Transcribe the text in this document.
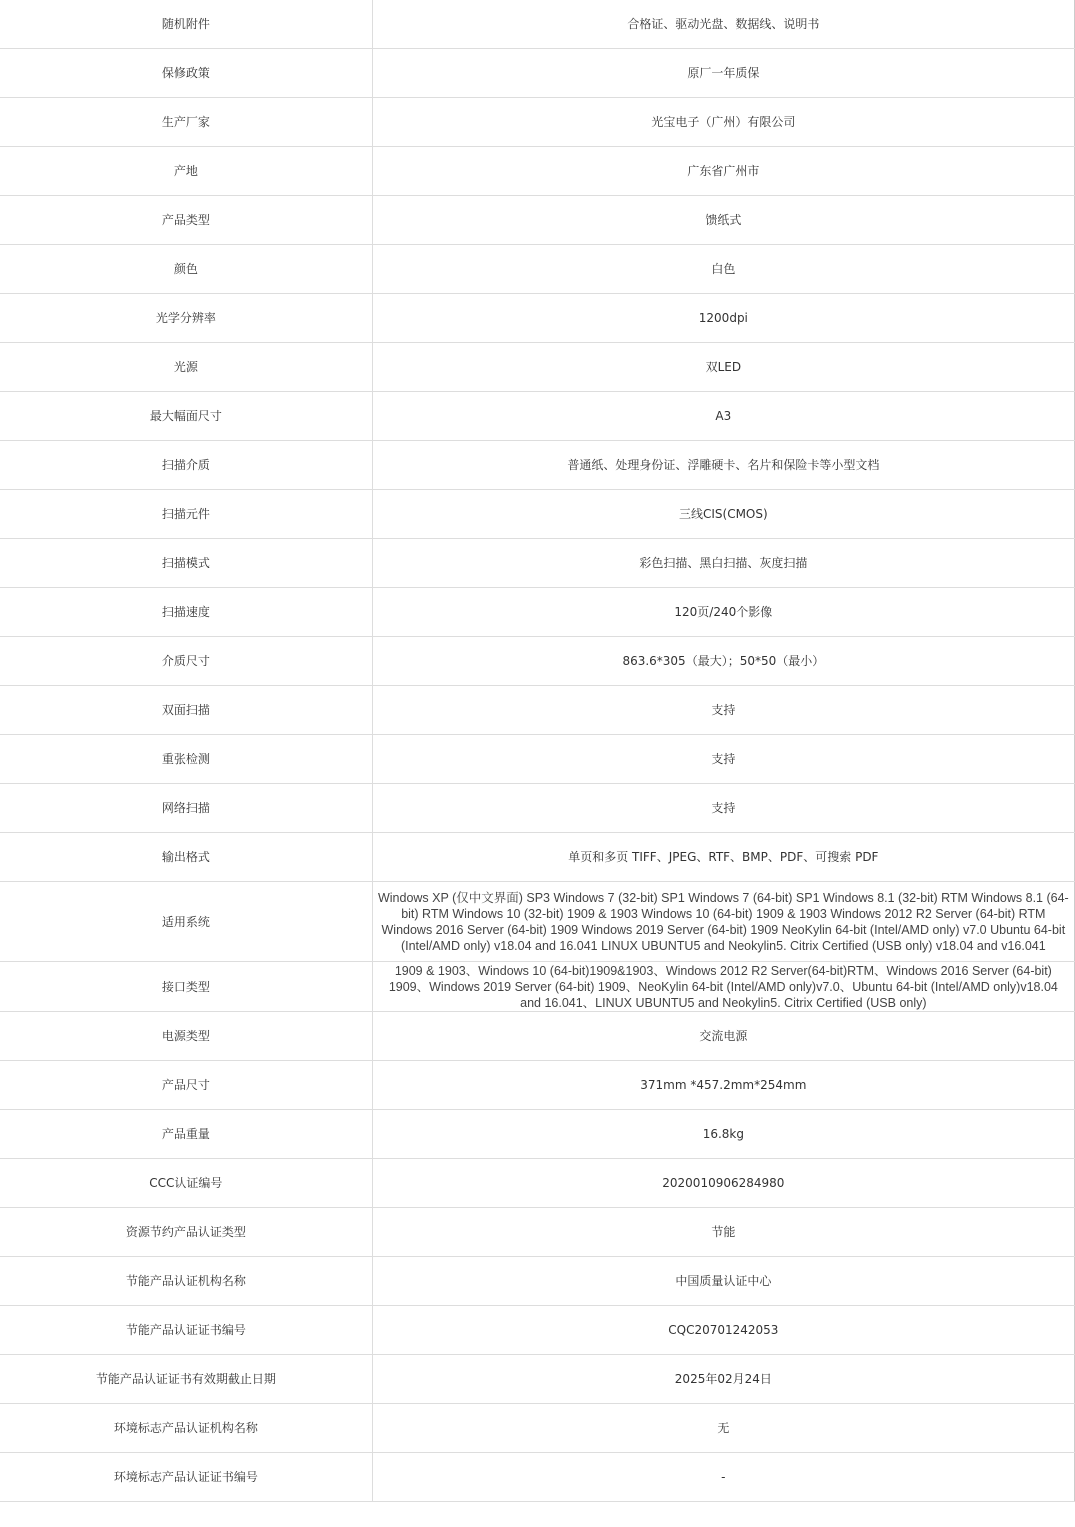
随机附件	合格证、驱动光盘、数据线、说明书
保修政策	原厂一年质保
生产厂家	光宝电子（广州）有限公司
产地	广东省广州市
产品类型	馈纸式
颜色	白色
光学分辨率	1200dpi
光源	双LED
最大幅面尺寸	A3
扫描介质	普通纸、处理身份证、浮雕硬卡、名片和保险卡等小型文档
扫描元件	三线CIS(CMOS)
扫描模式	彩色扫描、黑白扫描、灰度扫描
扫描速度	120页/240个影像
介质尺寸	863.6*305（最大）；50*50（最小）
双面扫描	支持
重张检测	支持
网络扫描	支持
输出格式	单页和多页 TIFF、JPEG、RTF、BMP、PDF、可搜索 PDF
适用系统	Windows XP (仅中文界面) SP3 Windows 7 (32-bit) SP1 Windows 7 (64-bit) SP1 Windows 8.1 (32-bit) RTM Windows 8.1 (64-bit) RTM Windows 10 (32-bit) 1909 & 1903 Windows 10 (64-bit) 1909 & 1903 Windows 2012 R2 Server (64-bit) RTM Windows 2016 Server (64-bit) 1909 Windows 2019 Server (64-bit) 1909 NeoKylin 64-bit (Intel/AMD only) v7.0 Ubuntu 64-bit (Intel/AMD only) v18.04 and 16.041 LINUX UBUNTU5 and Neokylin5. Citrix Certified (USB only) v18.04 and v16.041
接口类型	1909 & 1903、Windows 10 (64-bit)1909&1903、Windows 2012 R2 Server(64-bit)RTM、Windows 2016 Server (64-bit) 1909、Windows 2019 Server (64-bit) 1909、NeoKylin 64-bit (Intel/AMD only)v7.0、Ubuntu 64-bit (Intel/AMD only)v18.04 and 16.041、LINUX UBUNTU5 and Neokylin5. Citrix Certified (USB only)
电源类型	交流电源
产品尺寸	371mm *457.2mm*254mm
产品重量	16.8kg
CCC认证编号	2020010906284980
资源节约产品认证类型	节能
节能产品认证机构名称	中国质量认证中心
节能产品认证证书编号	CQC20701242053
节能产品认证证书有效期截止日期	2025年02月24日
环境标志产品认证机构名称	无
环境标志产品认证证书编号	-
